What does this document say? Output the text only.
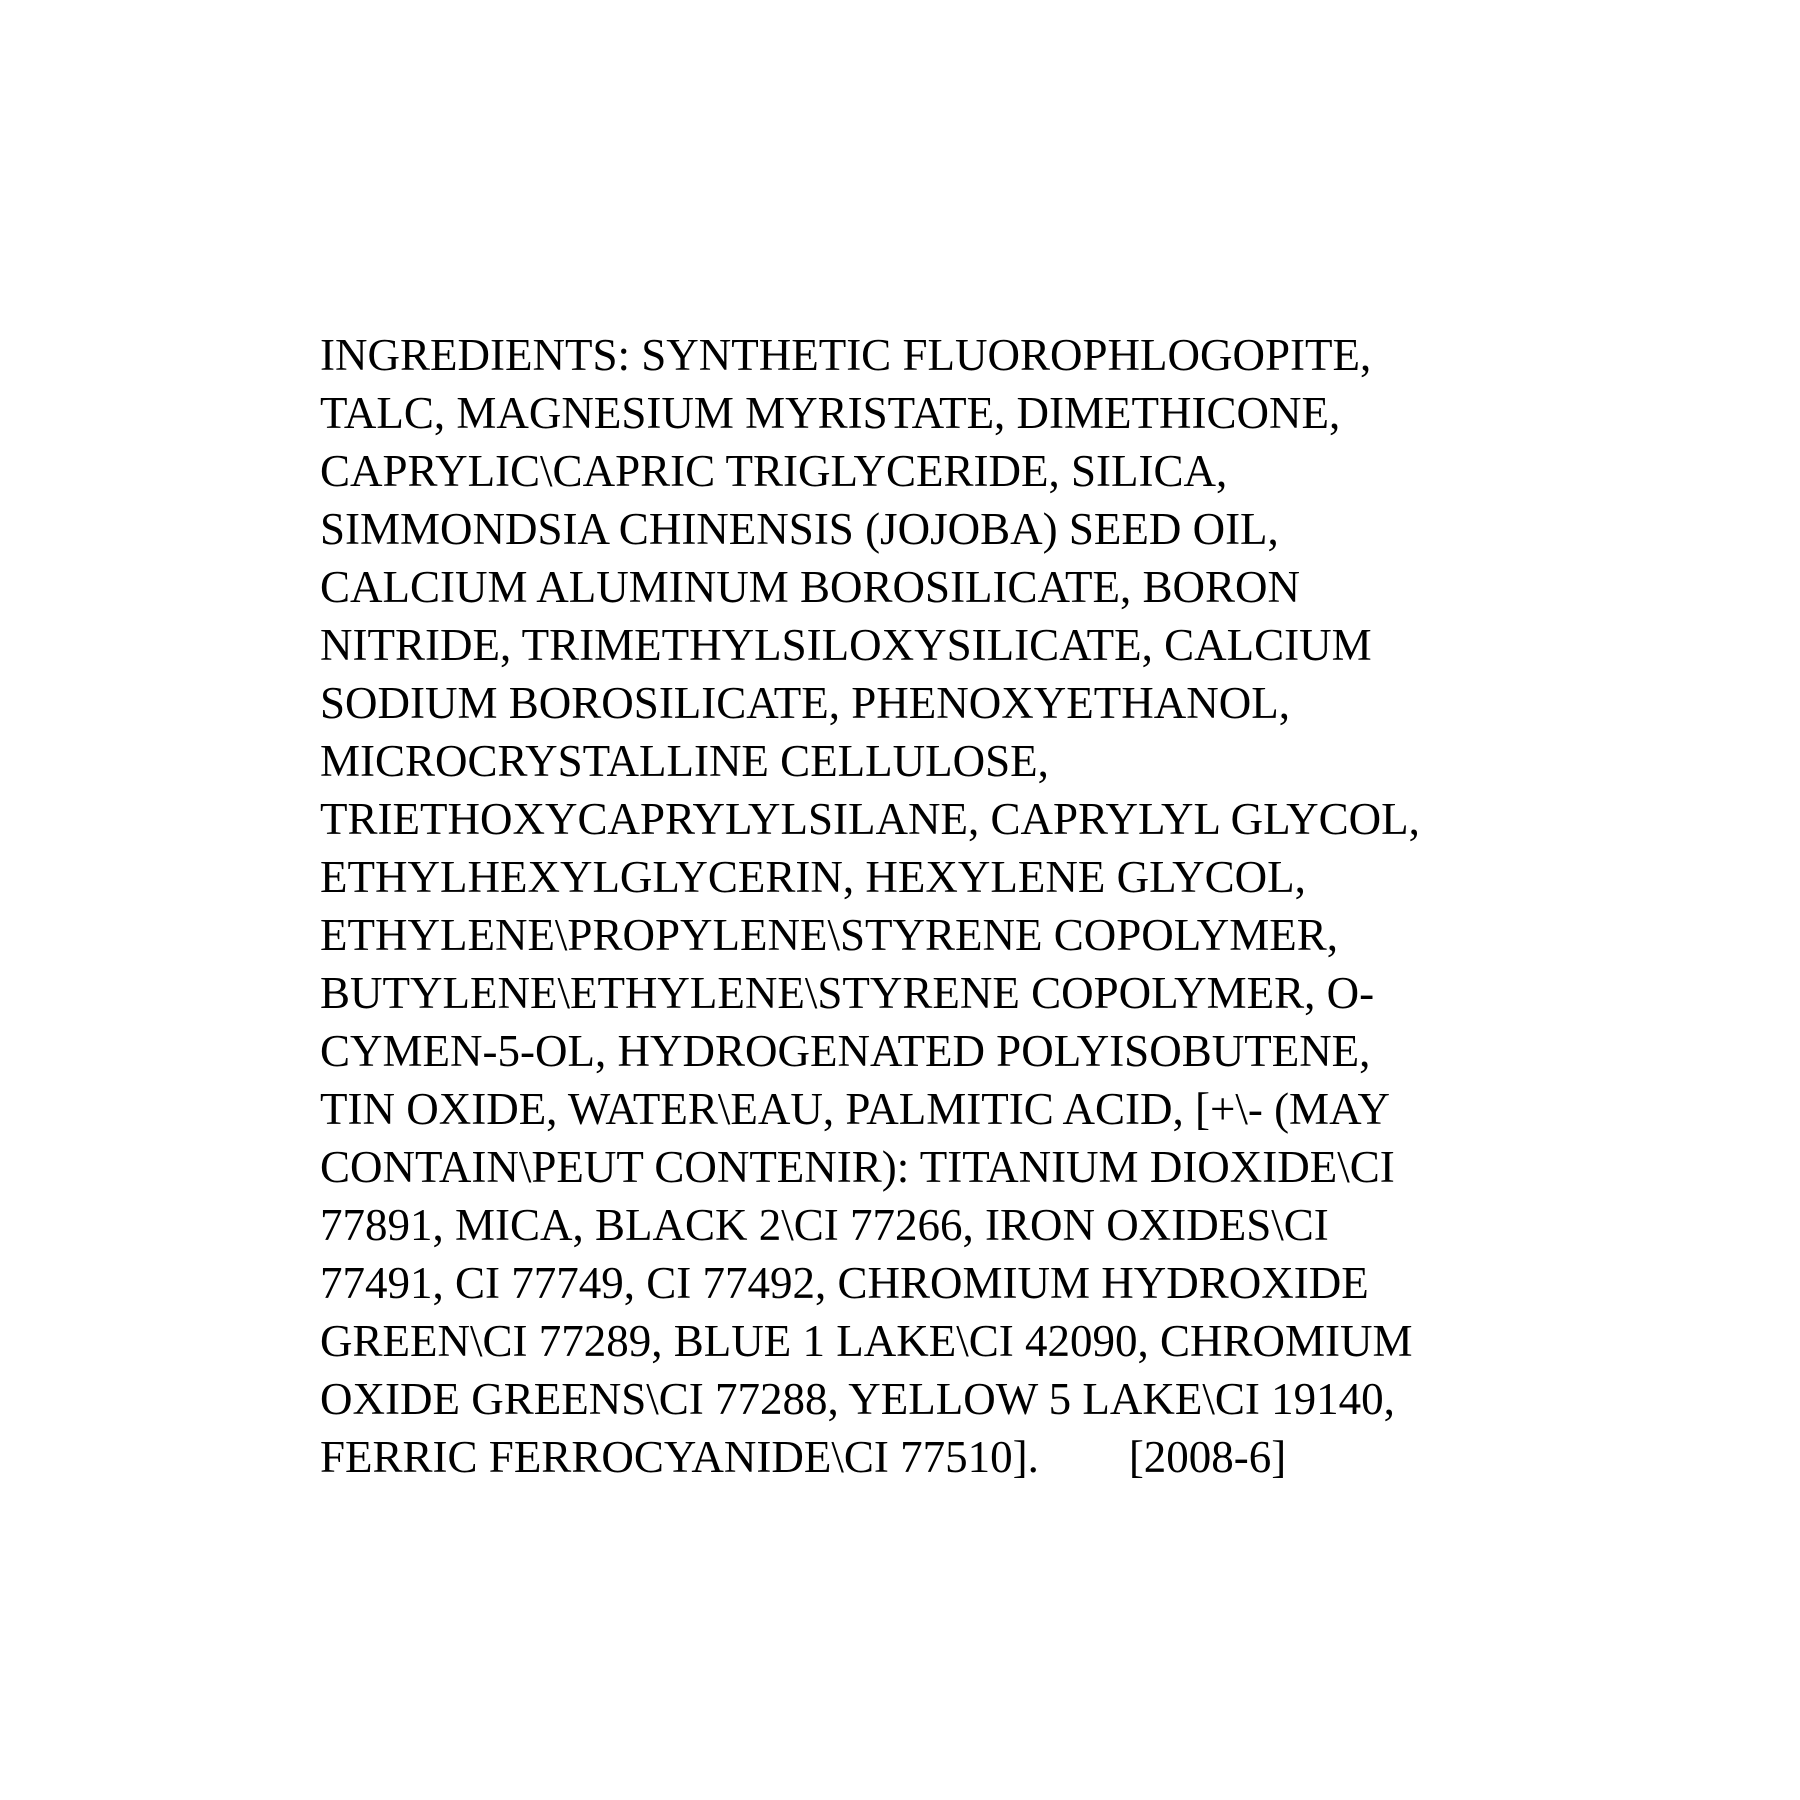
INGREDIENTS: SYNTHETIC FLUOROPHLOGOPITE,
TALC, MAGNESIUM MYRISTATE, DIMETHICONE,
CAPRYLIC\CAPRIC TRIGLYCERIDE, SILICA,
SIMMONDSIA CHINENSIS (JOJOBA) SEED OIL,
CALCIUM ALUMINUM BOROSILICATE, BORON
NITRIDE, TRIMETHYLSILOXYSILICATE, CALCIUM
SODIUM BOROSILICATE, PHENOXYETHANOL,
MICROCRYSTALLINE CELLULOSE,
TRIETHOXYCAPRYLYLSILANE, CAPRYLYL GLYCOL,
ETHYLHEXYLGLYCERIN, HEXYLENE GLYCOL,
ETHYLENE\PROPYLENE\STYRENE COPOLYMER,
BUTYLENE\ETHYLENE\STYRENE COPOLYMER, O-
CYMEN-5-OL, HYDROGENATED POLYISOBUTENE,
TIN OXIDE, WATER\EAU, PALMITIC ACID, [+\- (MAY
CONTAIN\PEUT CONTENIR): TITANIUM DIOXIDE\CI
77891, MICA, BLACK 2\CI 77266, IRON OXIDES\CI
77491, CI 77749, CI 77492, CHROMIUM HYDROXIDE
GREEN\CI 77289, BLUE 1 LAKE\CI 42090, CHROMIUM
OXIDE GREENS\CI 77288, YELLOW 5 LAKE\CI 19140,
FERRIC FERROCYANIDE\CI 77510].        [2008-6]
